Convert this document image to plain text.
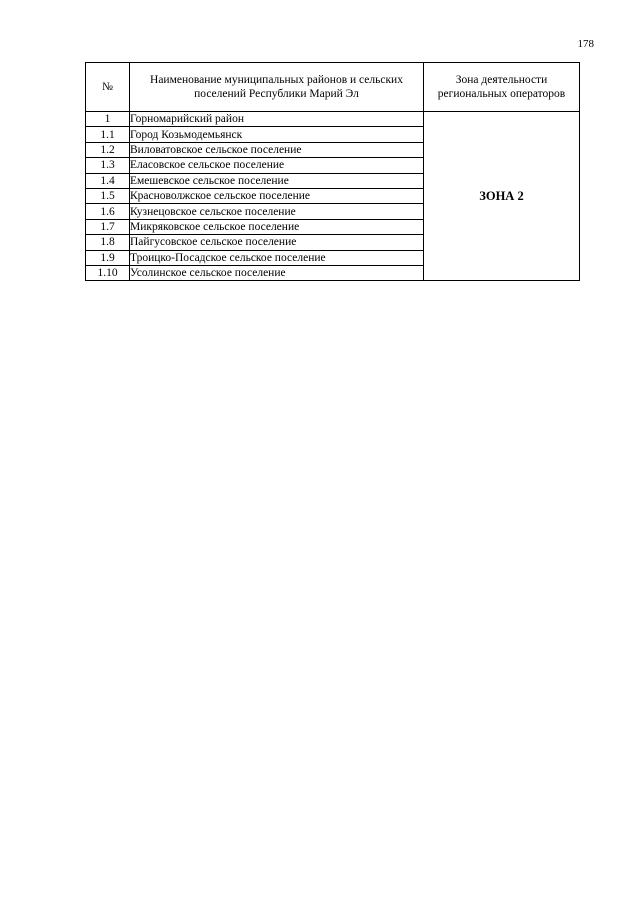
178
№	Наименование муниципальных районов и сельских поселений Республики Марий Эл	Зона деятельности региональных операторов
1	Горномарийский район	ЗОНА 2
1.1	Город Козьмодемьянск	
1.2	Виловатовское сельское поселение	
1.3	Еласовское сельское поселение	
1.4	Емешевское сельское поселение	
1.5	Красноволжское сельское поселение	
1.6	Кузнецовское сельское поселение	
1.7	Микряковское сельское поселение	
1.8	Пайгусовское сельское поселение	
1.9	Троицко-Посадское сельское поселение	
1.10	Усолинское сельское поселение	
